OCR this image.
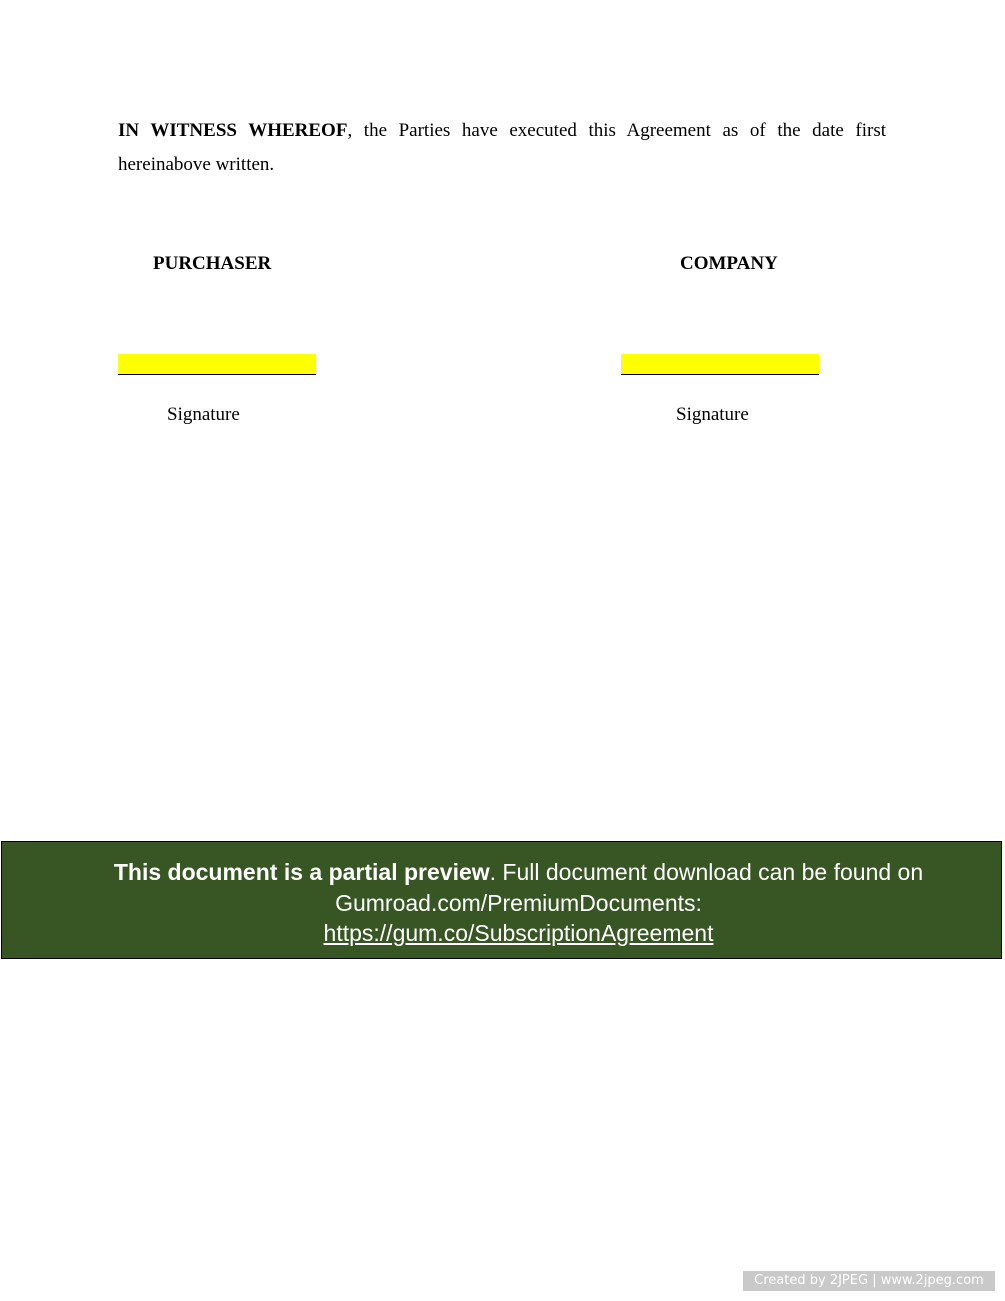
IN WITNESS WHEREOF, the Parties have executed this Agreement as of the date first hereinabove written.

PURCHASER	COMPANY

Signature	Signature

This document is a partial preview. Full document download can be found on Gumroad.com/PremiumDocuments:
https://gum.co/SubscriptionAgreement
Created by 2JPEG | www.2jpeg.com
